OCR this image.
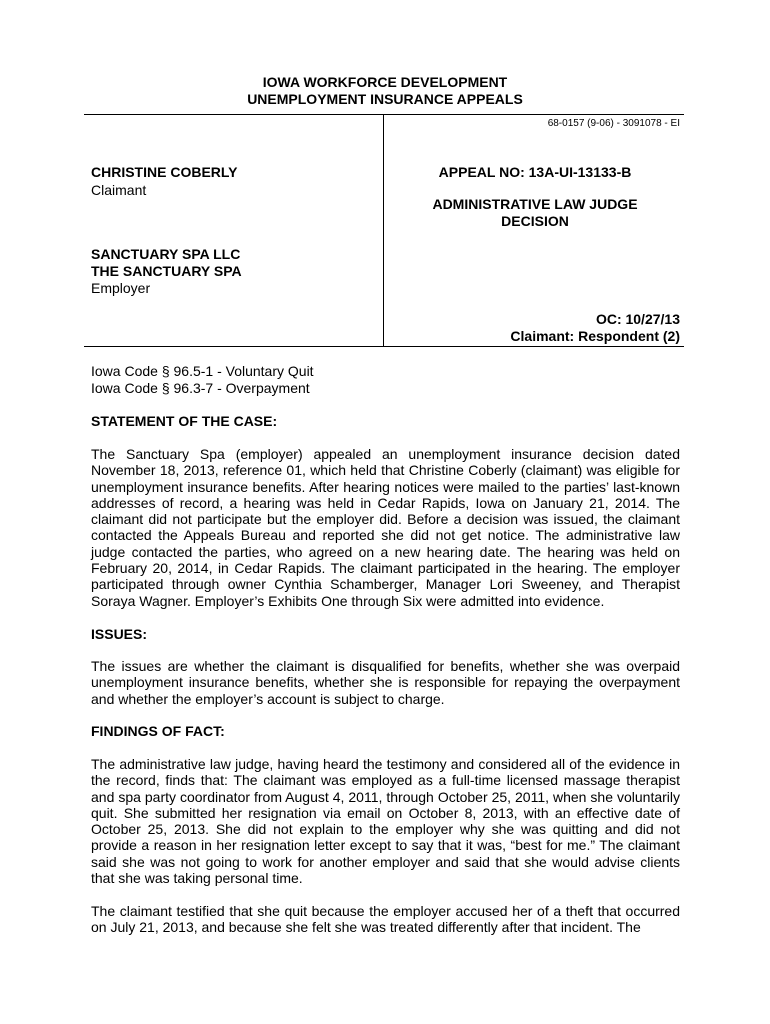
IOWA WORKFORCE DEVELOPMENT
UNEMPLOYMENT INSURANCE APPEALS
68-0157 (9-06) - 3091078 - EI
CHRISTINE COBERLY
Claimant
SANCTUARY SPA LLC
THE SANCTUARY SPA
Employer
APPEAL NO: 13A-UI-13133-B
ADMINISTRATIVE LAW JUDGE
DECISION
OC: 10/27/13
Claimant: Respondent (2)
Iowa Code § 96.5-1 - Voluntary Quit
Iowa Code § 96.3-7 - Overpayment
STATEMENT OF THE CASE:

The Sanctuary Spa (employer) appealed an unemployment insurance decision dated November 18, 2013, reference 01, which held that Christine Coberly (claimant) was eligible for unemployment insurance benefits. After hearing notices were mailed to the parties’ last-known addresses of record, a hearing was held in Cedar Rapids, Iowa on January 21, 2014. The claimant did not participate but the employer did. Before a decision was issued, the claimant contacted the Appeals Bureau and reported she did not get notice. The administrative law judge contacted the parties, who agreed on a new hearing date. The hearing was held on February 20, 2014, in Cedar Rapids. The claimant participated in the hearing. The employer participated through owner Cynthia Schamberger, Manager Lori Sweeney, and Therapist Soraya Wagner. Employer’s Exhibits One through Six were admitted into evidence.

ISSUES:

The issues are whether the claimant is disqualified for benefits, whether she was overpaid unemployment insurance benefits, whether she is responsible for repaying the overpayment and whether the employer’s account is subject to charge.

FINDINGS OF FACT:

The administrative law judge, having heard the testimony and considered all of the evidence in the record, finds that: The claimant was employed as a full-time licensed massage therapist and spa party coordinator from August 4, 2011, through October 25, 2011, when she voluntarily quit. She submitted her resignation via email on October 8, 2013, with an effective date of October 25, 2013. She did not explain to the employer why she was quitting and did not provide a reason in her resignation letter except to say that it was, “best for me.” The claimant said she was not going to work for another employer and said that she would advise clients that she was taking personal time.

The claimant testified that she quit because the employer accused her of a theft that occurred on July 21, 2013, and because she felt she was treated differently after that incident. The
